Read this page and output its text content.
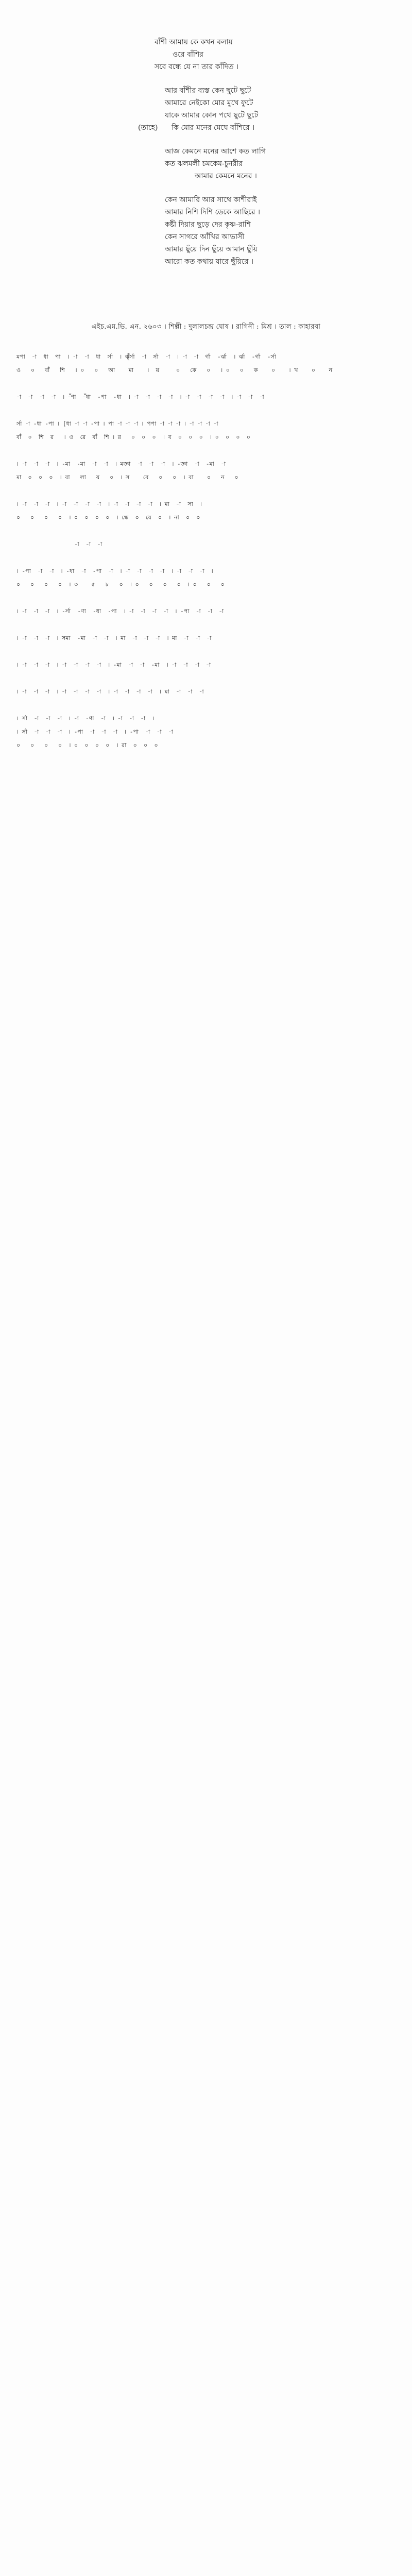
বাঁশী আমায় কে কখন বলায়
ওরে বাঁশির
সবে বন্ধে যে না তার কাঁদিত ।
আর বাঁশীর ব্যস্ত কেন ছুটে ছুটে
আমারে নেইকো মোর মুখে ফুটে
যাকে আমার কোন পথে ছুটে ছুটে
(তাহে)      কি মোর মনের মেঘে বাঁশিরে ।
আজ কেমনে মনের আশে কত লাগি
কত ঝলমলী চমকেম-চুনরীর
আমার কেমনে মনের ।
কেন আমারি আর সাথে কাশীরাই
আমার নিশি দিশি ডেকে আছিরে ।
কষ্টী দিয়ার ছুড়ে দের কৃষ্ণ-রাশি
কেন সাগরে আঁখির আভাসী
আমার ছুঁয়ে দিন ছুঁয়ে আমান ছুঁয়ি
আরো কত কথায় যারে ছুঁয়িরে ।
এইচ.এম.ভি. এন. ২৬০৩ । শিল্পী : দুলালচন্দ্র ঘোষ । রাগিনী : মিশ্র । তাল : কাহারবা
মপা  -া  ধা  পা  । -া  -া  ধা  র্সা  । ঝ্ঁর্সা  -া  র্সা  -া  । -া  -া  র্গা  -র্ঝা  । র্ঝা  -র্গা  -র্সা
ও   ০   বাঁ   শি   । ০   ০   আ    মা    ।  য়     ০   কে   ০   । ০   ০   ক    ০    । খ    ০    ন
-া  -া  -া  -া  । -ঁণা  -ঁধা  -পা  -ধা  । -া  -া  -া  -া  । -া  -া  -া  -া  । -া  -া  -া
র্সা -া -ধা -পা । [ধা -া -া -পা । পা -া -া -া । পপা -া -া -া । -া -া -া -া
বাঁ  ০  শি  র   । ও  রে  বাঁ  শি । র   ০  ০  ০  । ব  ০  ০  ০  । ০  ০  ০  ০
। -া  -া  -া  । -মা  -মা  -া  -া  । মজ্ঞা  -া  -া  -া  । -জ্ঞা  -া  -মা  -া
মা  ০  ০  ০  । বা   লা   য়   ০  । স    বে   ০   ০  । বা    ০   ন   ০
। -া  -া  -া  । -া  -া  -া  -া  । -া  -া  -া  -া  । মা  -া  সা  ।
০   ০   ০   ০  । ০  ০  ০  ০  । ন্ধে  ০  যে  ০  । না  ০  ০
-া  -া  -া
। -পা  -া  -া  । -ধা  -া  -পা  -া  । -া  -া  -া  -া  । -া  -া  -া  ।
০   ০   ০   ০  । ৩    ৫   ৮   ০  । ০   ০   ০   ০  । ০   ০   ০
। -া  -া  -া  । -র্সা  -ণা  -ধা  -পা  । -া  -া  -া  -া  । -পা  -া  -া  -া
। -া  -া  -া  । সমা  -মা  -া  -া  । মা  -া  -া  -া  । মা  -া  -া  -া
। -া  -া  -া  । -া  -া  -া  -া  । -মা  -া  -া  -মা  । -া  -া  -া  -া
। -া  -া  -া  । -া  -া  -া  -া  । -া  -া  -া  -া  । মা  -া  -া  -া
। র্সা  -া  -া  -া  । -া  -ণা  -া  । -া  -া  -া  ।
। র্সা  -া  -া  -া  । -পা  -া  -া  -া  । -পা  -া  -া  -া
০   ০   ০   ০  । ০  ০  ০  ০  । রা  ০  ০  ০
